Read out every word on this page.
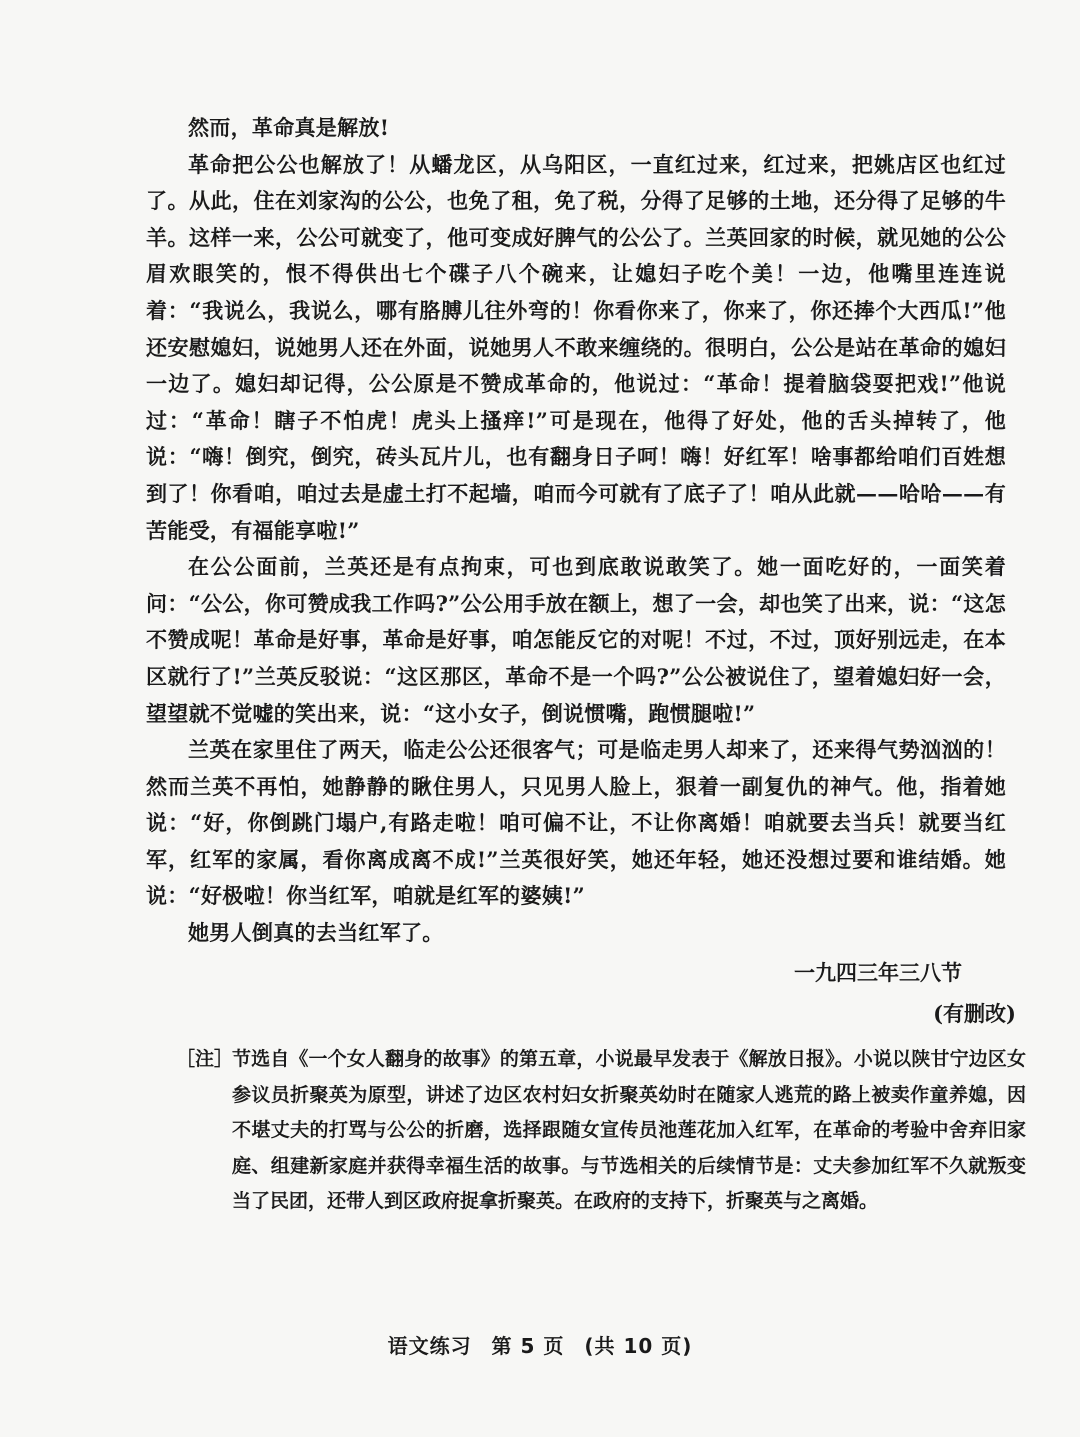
然而，革命真是解放!

革命把公公也解放了！从蟠龙区，从乌阳区，一直红过来，红过来，把姚店区也红过了。从此，住在刘家沟的公公，也免了租，免了税，分得了足够的土地，还分得了足够的牛羊。这样一来，公公可就变了，他可变成好脾气的公公了。兰英回家的时候，就见她的公公眉欢眼笑的，恨不得供出七个碟子八个碗来，让媳妇子吃个美！一边，他嘴里连连说着：“我说么，我说么，哪有胳膊儿往外弯的！你看你来了，你来了，你还捧个大西瓜!”他还安慰媳妇，说她男人还在外面，说她男人不敢来缠绕的。很明白，公公是站在革命的媳妇一边了。媳妇却记得，公公原是不赞成革命的，他说过：“革命！提着脑袋耍把戏!”他说过：“革命！瞎子不怕虎！虎头上搔痒!”可是现在，他得了好处，他的舌头掉转了，他说：“嗨！倒究，倒究，砖头瓦片儿，也有翻身日子呵！嗨！好红军！啥事都给咱们百姓想到了！你看咱，咱过去是虚土打不起墙，咱而今可就有了底子了！咱从此就——哈哈——有苦能受，有福能享啦!”

在公公面前，兰英还是有点拘束，可也到底敢说敢笑了。她一面吃好的，一面笑着问：“公公，你可赞成我工作吗?”公公用手放在额上，想了一会，却也笑了出来，说：“这怎不赞成呢！革命是好事，革命是好事，咱怎能反它的对呢！不过，不过，顶好别远走，在本区就行了!”兰英反驳说：“这区那区，革命不是一个吗?”公公被说住了，望着媳妇好一会，望望就不觉嘘的笑出来，说：“这小女子，倒说惯嘴，跑惯腿啦!”

兰英在家里住了两天，临走公公还很客气；可是临走男人却来了，还来得气势汹汹的！然而兰英不再怕，她静静的瞅住男人，只见男人脸上，狠着一副复仇的神气。他，指着她说：“好，你倒跳门塌户,有路走啦！咱可偏不让，不让你离婚！咱就要去当兵！就要当红军，红军的家属，看你离成离不成!”兰英很好笑，她还年轻，她还没想过要和谁结婚。她说：“好极啦！你当红军，咱就是红军的婆姨!”

她男人倒真的去当红军了。

一九四三年三八节
(有删改)
［注］
节选自《一个女人翻身的故事》的第五章，小说最早发表于《解放日报》。小说以陕甘宁边区女参议员折聚英为原型，讲述了边区农村妇女折聚英幼时在随家人逃荒的路上被卖作童养媳，因不堪丈夫的打骂与公公的折磨，选择跟随女宣传员池莲花加入红军，在革命的考验中舍弃旧家庭、组建新家庭并获得幸福生活的故事。与节选相关的后续情节是：丈夫参加红军不久就叛变当了民团，还带人到区政府捉拿折聚英。在政府的支持下，折聚英与之离婚。
语文练习 第 5 页 (共 10 页)
